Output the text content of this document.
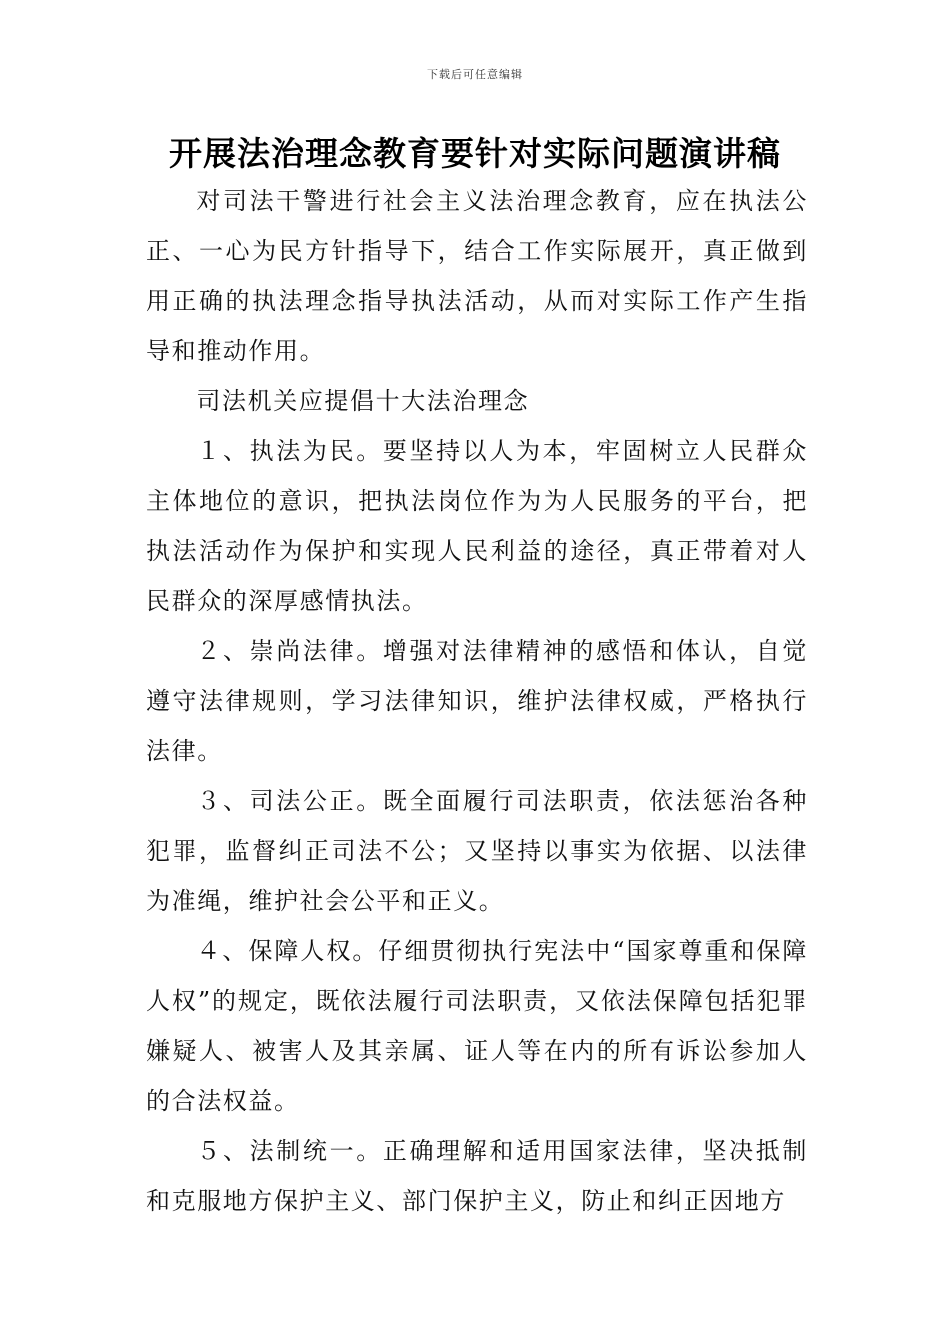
下载后可任意编辑
开展法治理念教育要针对实际问题演讲稿

对司法干警进行社会主义法治理念教育，应在执法公正、一心为民方针指导下，结合工作实际展开，真正做到用正确的执法理念指导执法活动，从而对实际工作产生指导和推动作用。

司法机关应提倡十大法治理念

１、执法为民。要坚持以人为本，牢固树立人民群众主体地位的意识，把执法岗位作为为人民服务的平台，把执法活动作为保护和实现人民利益的途径，真正带着对人民群众的深厚感情执法。

２、崇尚法律。增强对法律精神的感悟和体认，自觉遵守法律规则，学习法律知识，维护法律权威，严格执行法律。

３、司法公正。既全面履行司法职责，依法惩治各种犯罪，监督纠正司法不公；又坚持以事实为依据、以法律为准绳，维护社会公平和正义。

４、保障人权。仔细贯彻执行宪法中“国家尊重和保障人权”的规定，既依法履行司法职责，又依法保障包括犯罪嫌疑人、被害人及其亲属、证人等在内的所有诉讼参加人的合法权益。

５、法制统一。正确理解和适用国家法律，坚决抵制和克服地方保护主义、部门保护主义，防止和纠正因地方
